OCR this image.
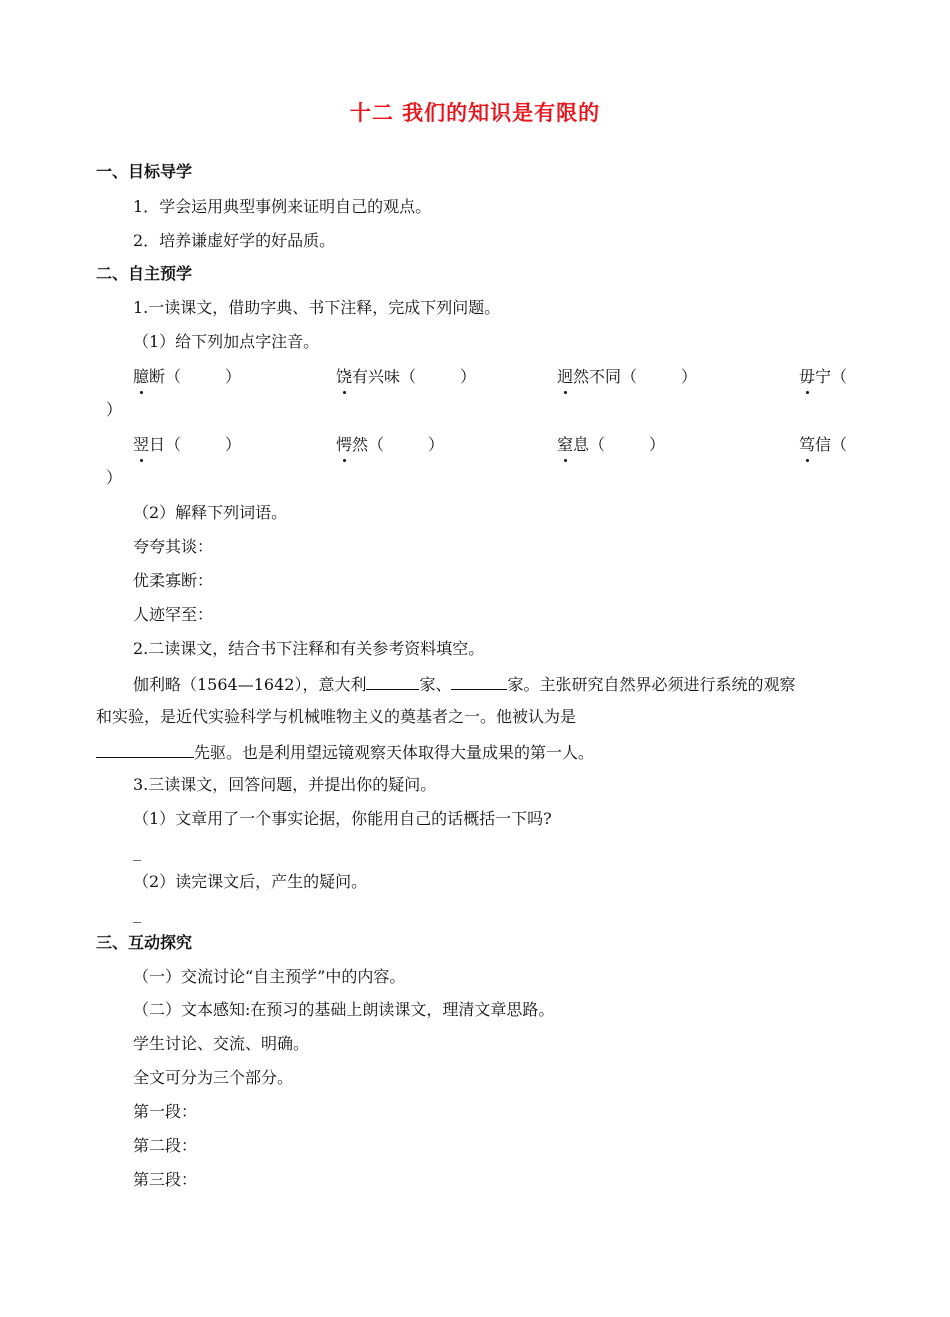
十二 我们的知识是有限的
一、目标导学
1．学会运用典型事例来证明自己的观点。
2．培养谦虚好学的好品质。
二、自主预学
1.一读课文，借助字典、书下注释，完成下列问题。
（1）给下列加点字注音。
臆断（	）	饶有兴味（	）	迥然不同（	）	毋宁（
）
翌日（	）	愕然（	）	窒息（	）	笃信（
）
（2）解释下列词语。
夸夸其谈：
优柔寡断：
人迹罕至：
2.二读课文，结合书下注释和有关参考资料填空。
伽利略（1564—1642），意大利	家、	家。主张研究自然界必须进行系统的观察
和实验，是近代实验科学与机械唯物主义的奠基者之一。他被认为是
先驱。也是利用望远镜观察天体取得大量成果的第一人。
3.三读课文，回答问题，并提出你的疑问。
（1）文章用了一个事实论据，你能用自己的话概括一下吗?
_
（2）读完课文后，产生的疑问。
_
三、互动探究
（一）交流讨论“自主预学”中的内容。
（二）文本感知:在预习的基础上朗读课文，理清文章思路。
学生讨论、交流、明确。
全文可分为三个部分。
第一段：
第二段：
第三段：
